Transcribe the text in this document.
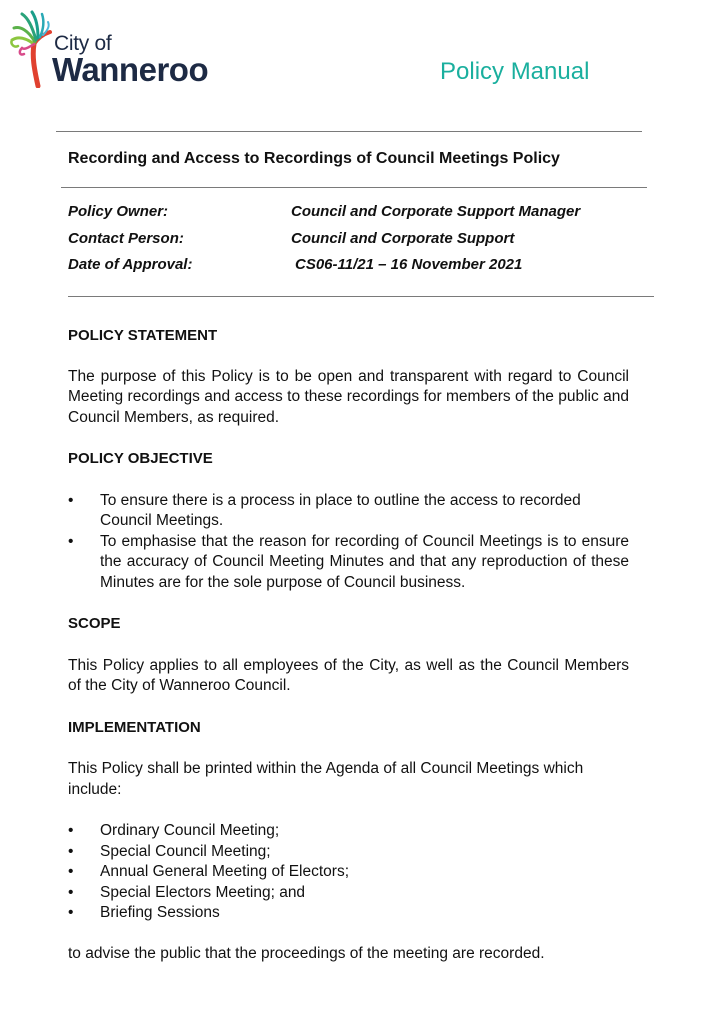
City of
Wanneroo	Policy Manual
Recording and Access to Recordings of Council Meetings Policy
Policy Owner:	Council and Corporate Support Manager
Contact Person:	Council and Corporate Support
Date of Approval:	CS06-11/21 – 16 November 2021

POLICY STATEMENT

The purpose of this Policy is to be open and transparent with regard to Council Meeting recordings and access to these recordings for members of the public and Council Members, as required.

POLICY OBJECTIVE

• To ensure there is a process in place to outline the access to recorded Council Meetings.
• To emphasise that the reason for recording of Council Meetings is to ensure the accuracy of Council Meeting Minutes and that any reproduction of these Minutes are for the sole purpose of Council business.

SCOPE

This Policy applies to all employees of the City, as well as the Council Members of the City of Wanneroo Council.

IMPLEMENTATION

This Policy shall be printed within the Agenda of all Council Meetings which include:

• Ordinary Council Meeting;
• Special Council Meeting;
• Annual General Meeting of Electors;
• Special Electors Meeting; and
• Briefing Sessions

to advise the public that the proceedings of the meeting are recorded.
